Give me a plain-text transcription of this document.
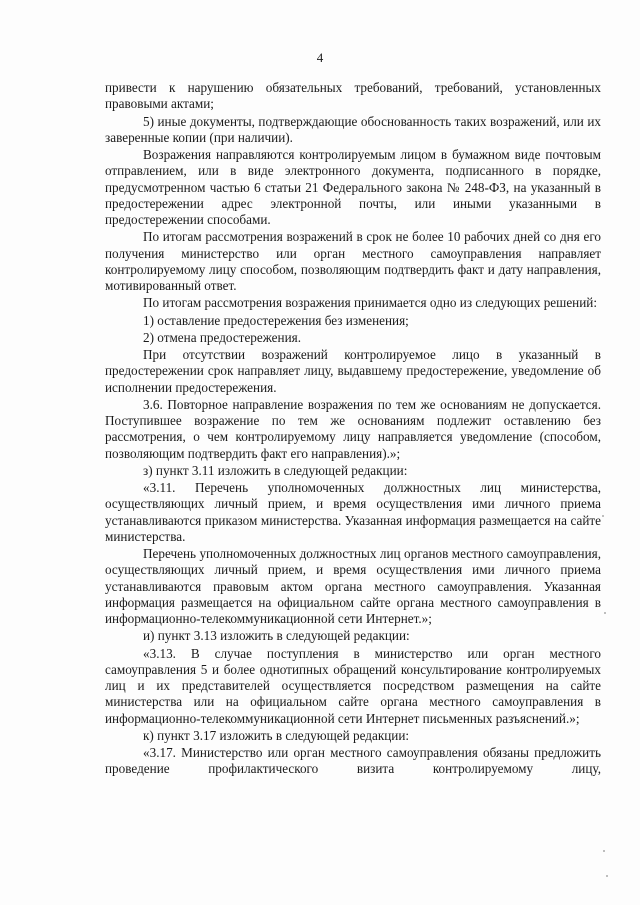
4

привести к нарушению обязательных требований, требований, установленных правовыми актами;

5) иные документы, подтверждающие обоснованность таких возражений, или их заверенные копии (при наличии).

Возражения направляются контролируемым лицом в бумажном виде почтовым отправлением, или в виде электронного документа, подписанного в порядке, предусмотренном частью 6 статьи 21 Федерального закона № 248-ФЗ, на указанный в предостережении адрес электронной почты, или иными указанными в предостережении способами.

По итогам рассмотрения возражений в срок не более 10 рабочих дней со дня его получения министерство или орган местного самоуправления направляет контролируемому лицу способом, позволяющим подтвердить факт и дату направления, мотивированный ответ.

По итогам рассмотрения возражения принимается одно из следующих решений:

1) оставление предостережения без изменения;

2) отмена предостережения.

При отсутствии возражений контролируемое лицо в указанный в предостережении срок направляет лицу, выдавшему предостережение, уведомление об исполнении предостережения.

3.6. Повторное направление возражения по тем же основаниям не допускается. Поступившее возражение по тем же основаниям подлежит оставлению без рассмотрения, о чем контролируемому лицу направляется уведомление (способом, позволяющим подтвердить факт его направления).»;

з) пункт 3.11 изложить в следующей редакции:

«3.11. Перечень уполномоченных должностных лиц министерства, осуществляющих личный прием, и время осуществления ими личного приема устанавливаются приказом министерства. Указанная информация размещается на сайте министерства.

Перечень уполномоченных должностных лиц органов местного самоуправления, осуществляющих личный прием, и время осуществления ими личного приема устанавливаются правовым актом органа местного самоуправления. Указанная информация размещается на официальном сайте органа местного самоуправления в информационно-телекоммуникационной сети Интернет.»;

и) пункт 3.13 изложить в следующей редакции:

«3.13. В случае поступления в министерство или орган местного самоуправления 5 и более однотипных обращений консультирование контролируемых лиц и их представителей осуществляется посредством размещения на сайте министерства или на официальном сайте органа местного самоуправления в информационно-телекоммуникационной сети Интернет письменных разъяснений.»;

к) пункт 3.17 изложить в следующей редакции:

«3.17. Министерство или орган местного самоуправления обязаны предложить проведение профилактического визита контролируемому лицу,
